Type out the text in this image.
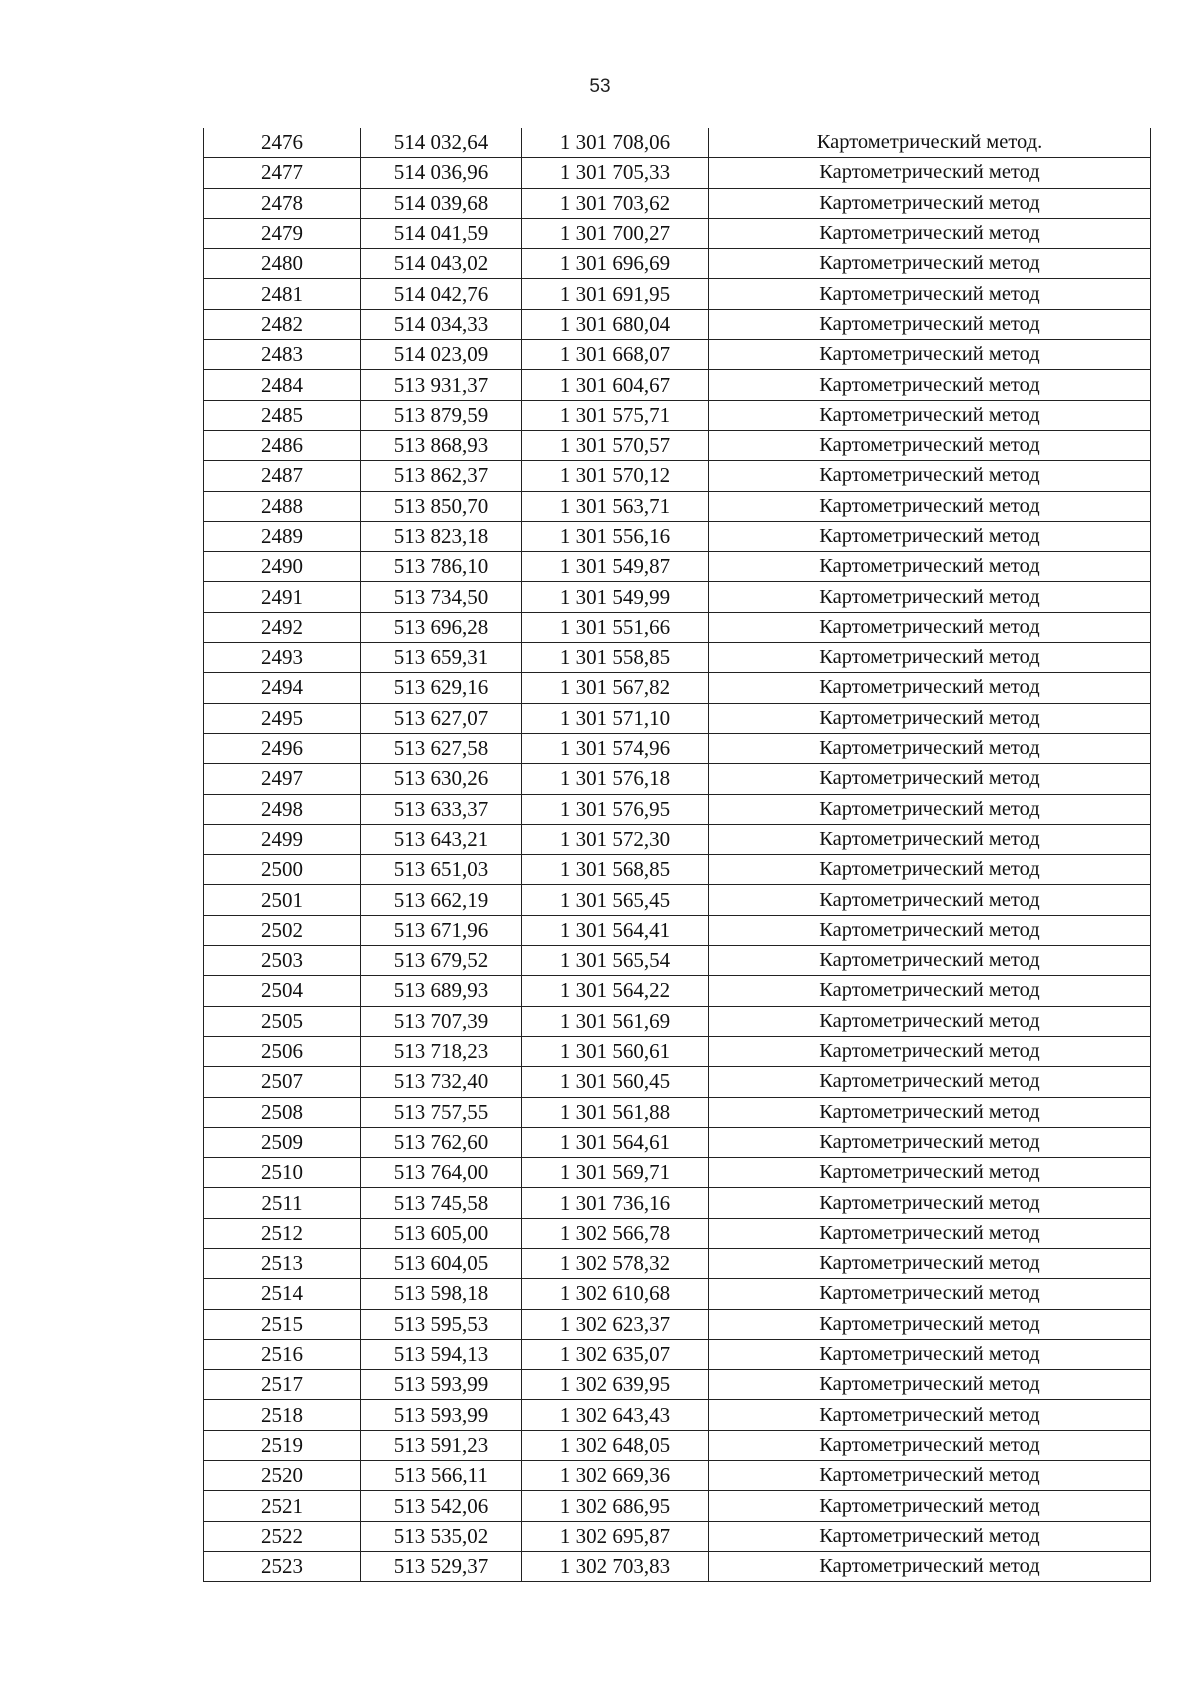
53
2476	514 032,64	1 301 708,06	Картометрический метод.
2477	514 036,96	1 301 705,33	Картометрический метод
2478	514 039,68	1 301 703,62	Картометрический метод
2479	514 041,59	1 301 700,27	Картометрический метод
2480	514 043,02	1 301 696,69	Картометрический метод
2481	514 042,76	1 301 691,95	Картометрический метод
2482	514 034,33	1 301 680,04	Картометрический метод
2483	514 023,09	1 301 668,07	Картометрический метод
2484	513 931,37	1 301 604,67	Картометрический метод
2485	513 879,59	1 301 575,71	Картометрический метод
2486	513 868,93	1 301 570,57	Картометрический метод
2487	513 862,37	1 301 570,12	Картометрический метод
2488	513 850,70	1 301 563,71	Картометрический метод
2489	513 823,18	1 301 556,16	Картометрический метод
2490	513 786,10	1 301 549,87	Картометрический метод
2491	513 734,50	1 301 549,99	Картометрический метод
2492	513 696,28	1 301 551,66	Картометрический метод
2493	513 659,31	1 301 558,85	Картометрический метод
2494	513 629,16	1 301 567,82	Картометрический метод
2495	513 627,07	1 301 571,10	Картометрический метод
2496	513 627,58	1 301 574,96	Картометрический метод
2497	513 630,26	1 301 576,18	Картометрический метод
2498	513 633,37	1 301 576,95	Картометрический метод
2499	513 643,21	1 301 572,30	Картометрический метод
2500	513 651,03	1 301 568,85	Картометрический метод
2501	513 662,19	1 301 565,45	Картометрический метод
2502	513 671,96	1 301 564,41	Картометрический метод
2503	513 679,52	1 301 565,54	Картометрический метод
2504	513 689,93	1 301 564,22	Картометрический метод
2505	513 707,39	1 301 561,69	Картометрический метод
2506	513 718,23	1 301 560,61	Картометрический метод
2507	513 732,40	1 301 560,45	Картометрический метод
2508	513 757,55	1 301 561,88	Картометрический метод
2509	513 762,60	1 301 564,61	Картометрический метод
2510	513 764,00	1 301 569,71	Картометрический метод
2511	513 745,58	1 301 736,16	Картометрический метод
2512	513 605,00	1 302 566,78	Картометрический метод
2513	513 604,05	1 302 578,32	Картометрический метод
2514	513 598,18	1 302 610,68	Картометрический метод
2515	513 595,53	1 302 623,37	Картометрический метод
2516	513 594,13	1 302 635,07	Картометрический метод
2517	513 593,99	1 302 639,95	Картометрический метод
2518	513 593,99	1 302 643,43	Картометрический метод
2519	513 591,23	1 302 648,05	Картометрический метод
2520	513 566,11	1 302 669,36	Картометрический метод
2521	513 542,06	1 302 686,95	Картометрический метод
2522	513 535,02	1 302 695,87	Картометрический метод
2523	513 529,37	1 302 703,83	Картометрический метод
